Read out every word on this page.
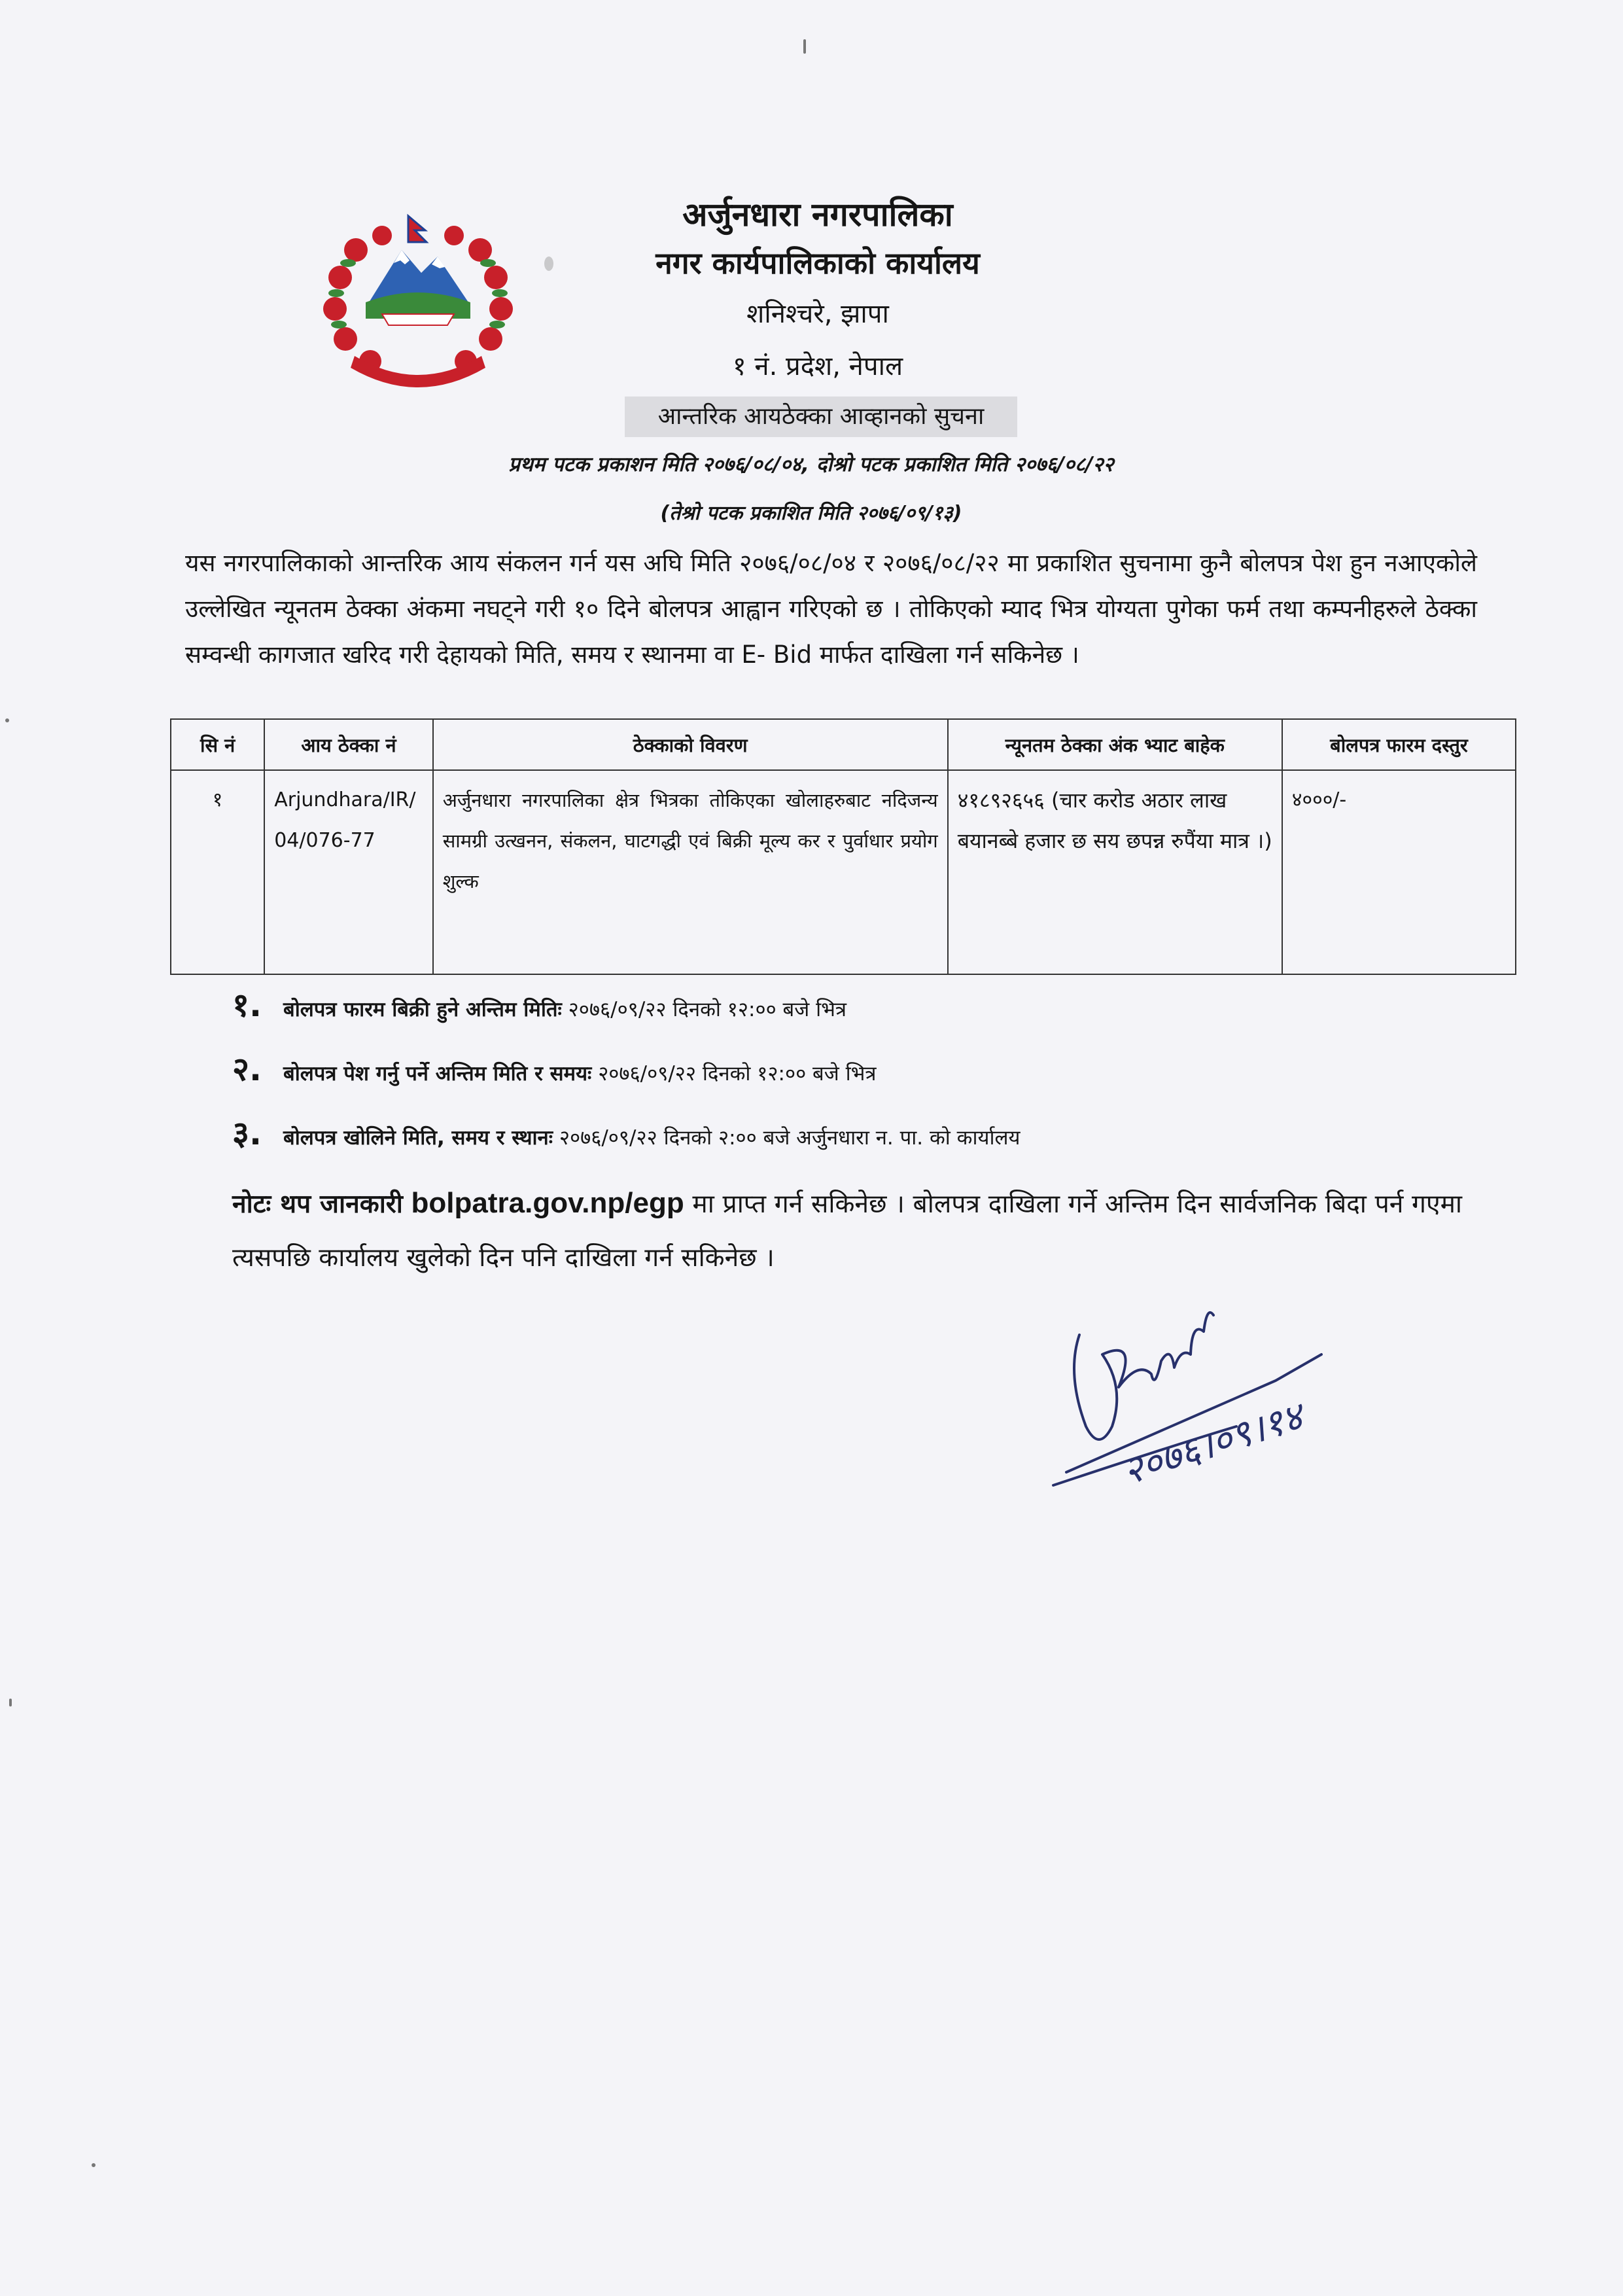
अर्जुनधारा नगरपालिका
नगर कार्यपालिकाको कार्यालय
शनिश्चरे, झापा
१ नं. प्रदेश, नेपाल
आन्तरिक आयठेक्का आव्हानको सुचना
प्रथम पटक प्रकाशन मिति २०७६/०८/०४, दोश्रो पटक प्रकाशित मिति २०७६/०८/२२
(तेश्रो पटक प्रकाशित मिति २०७६/०९/१३)
यस नगरपालिकाको आन्तरिक आय संकलन गर्न यस अघि मिति २०७६/०८/०४ र २०७६/०८/२२ मा प्रकाशित सुचनामा कुनै बोलपत्र पेश हुन नआएकोले उल्लेखित न्यूनतम ठेक्का अंकमा नघट्ने गरी १० दिने बोलपत्र आह्वान गरिएको छ । तोकिएको म्याद भित्र योग्यता पुगेका फर्म तथा कम्पनीहरुले ठेक्का सम्वन्धी कागजात खरिद गरी देहायको मिति, समय र स्थानमा वा E- Bid मार्फत दाखिला गर्न सकिनेछ ।
सि नं	आय ठेक्का नं	ठेक्काको विवरण	न्यूनतम ठेक्का अंक भ्याट बाहेक	बोलपत्र फारम दस्तुर
१	Arjundhara/IR/04/076-77	अर्जुनधारा नगरपालिका क्षेत्र भित्रका तोकिएका खोलाहरुबाट नदिजन्य सामग्री उत्खनन, संकलन, घाटगद्धी एवं बिक्री मूल्य कर र पुर्वाधार प्रयोग शुल्क	४१८९२६५६ (चार करोड अठार लाख बयानब्बे हजार छ सय छपन्न रुपैंया मात्र ।)	४०००/-
१.	बोलपत्र फारम बिक्री हुने अन्तिम मितिः
२०७६/०९/२२ दिनको १२:०० बजे भित्र
२.	बोलपत्र पेश गर्नु पर्ने अन्तिम मिति र समयः
२०७६/०९/२२ दिनको १२:०० बजे भित्र
३.	बोलपत्र खोलिने मिति, समय र स्थानः
२०७६/०९/२२ दिनको २:०० बजे अर्जुनधारा न. पा. को कार्यालय
नोटः थप जानकारी bolpatra.gov.np/egp मा प्राप्त गर्न सकिनेछ । बोलपत्र दाखिला गर्ने अन्तिम दिन सार्वजनिक बिदा पर्न गएमा त्यसपछि कार्यालय खुलेको दिन पनि दाखिला गर्न सकिनेछ ।
२०७६।०९।१४
